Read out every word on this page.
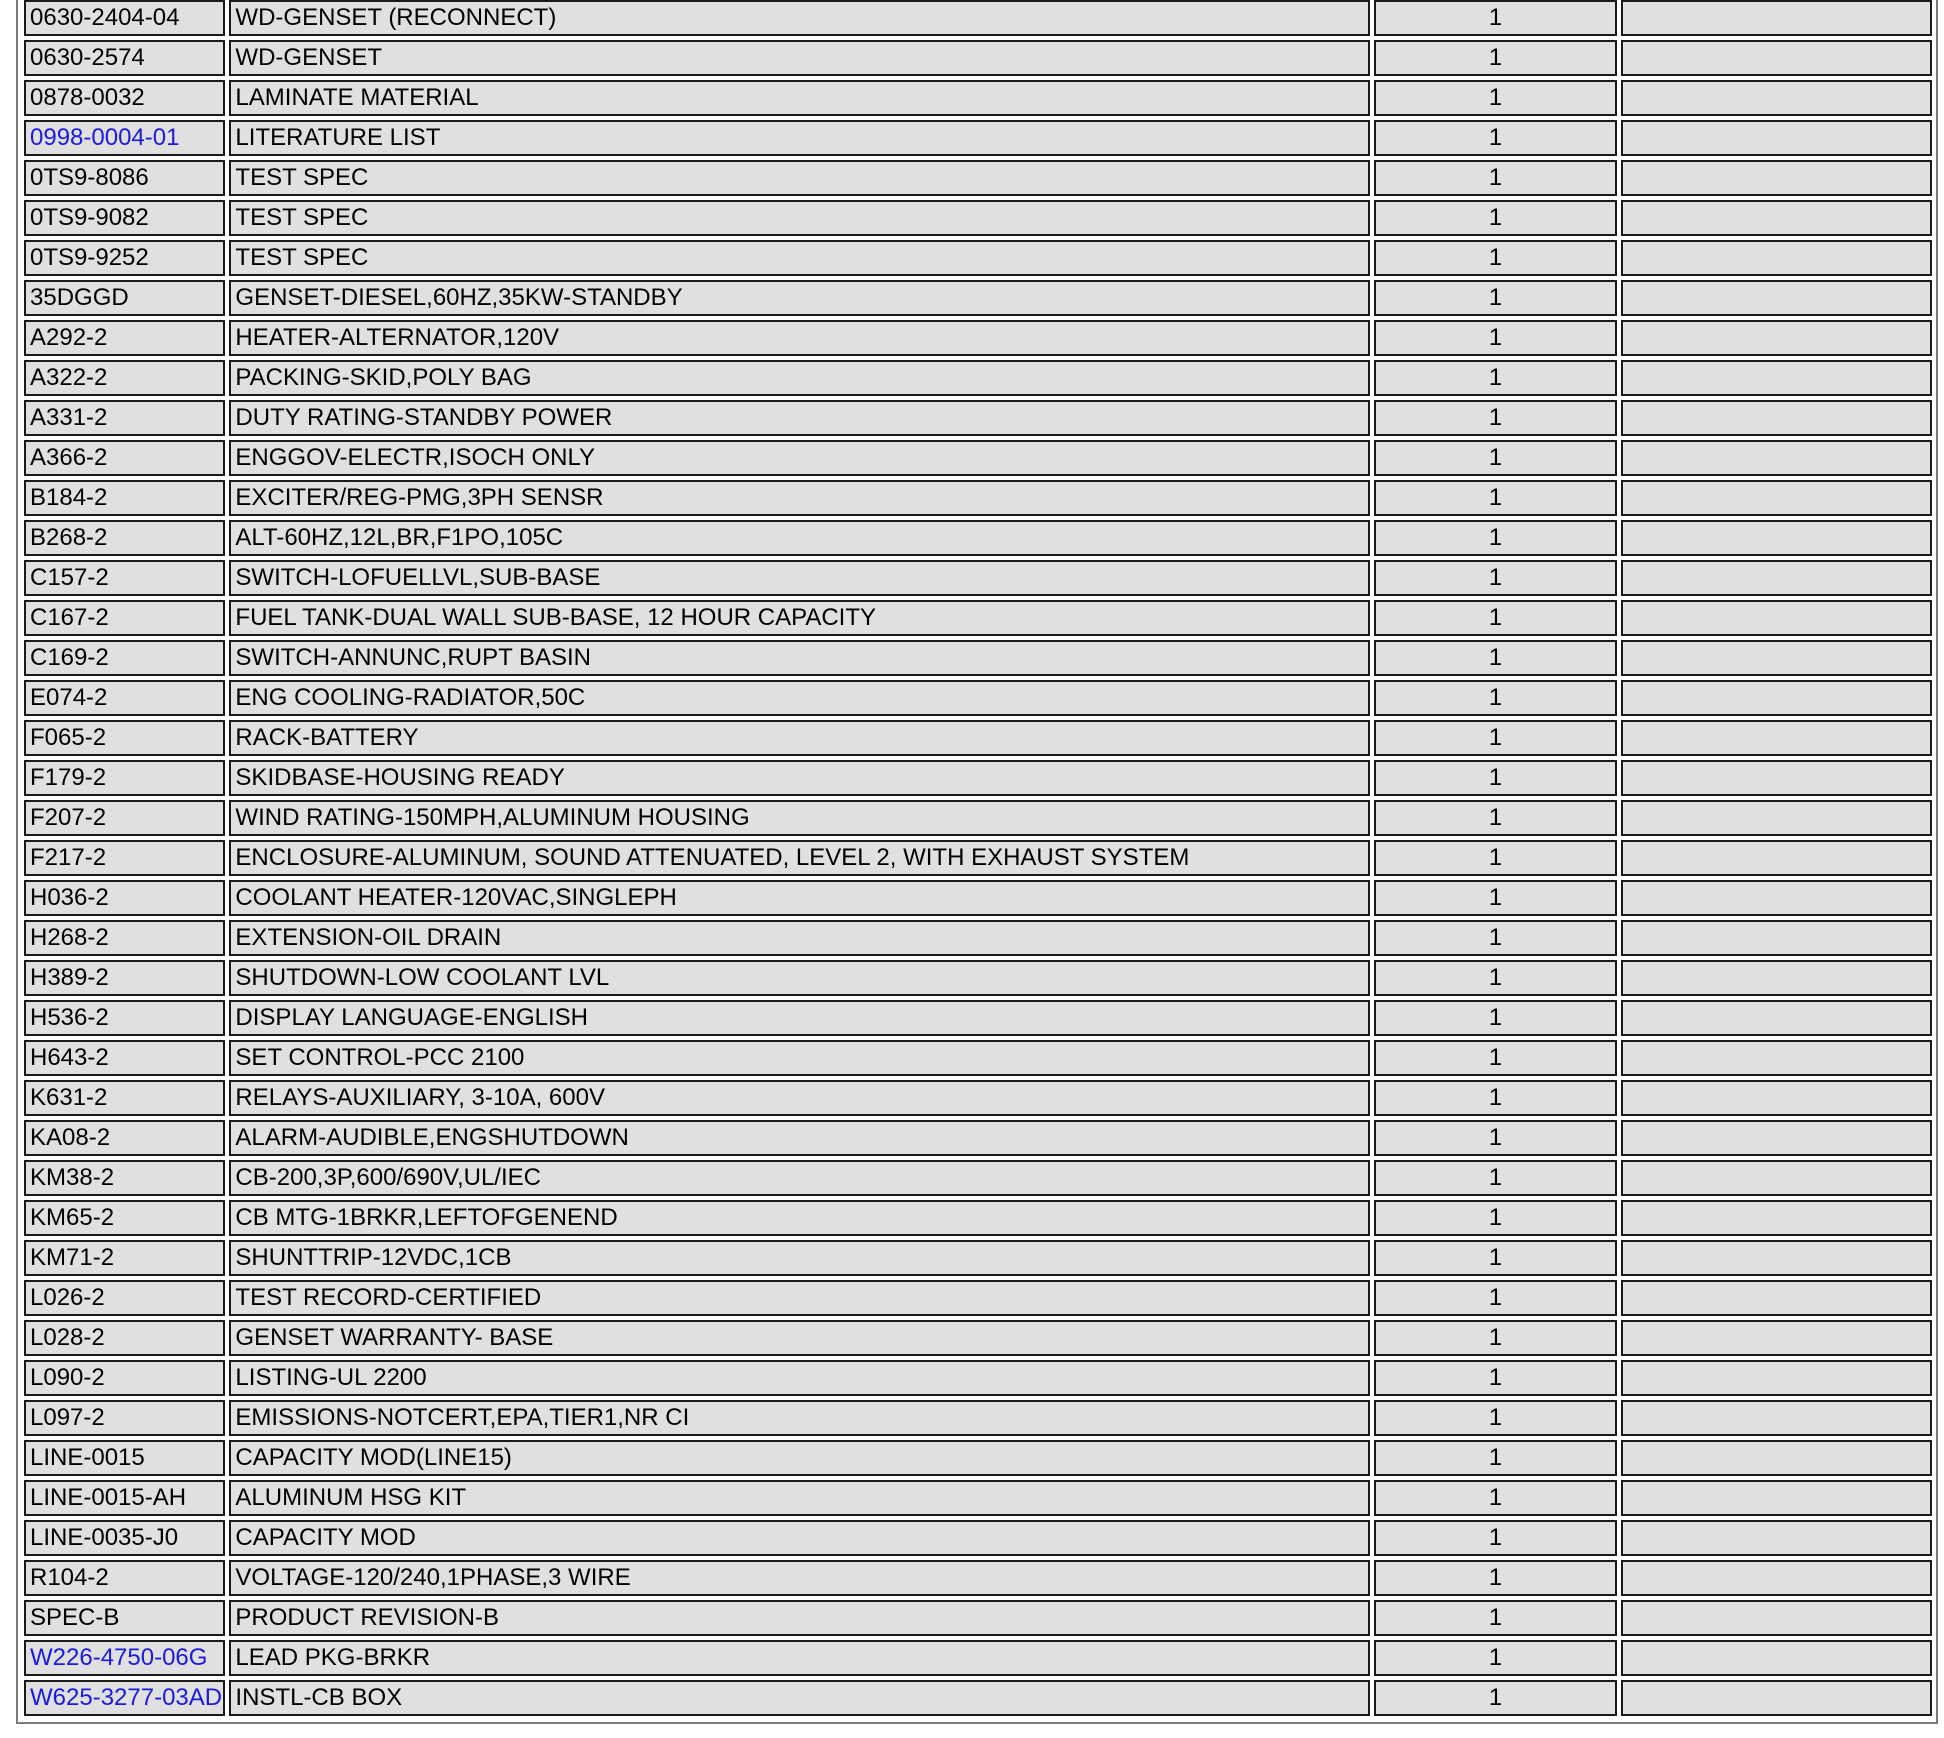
0630-2404-04	WD-GENSET (RECONNECT)	1	
0630-2574	WD-GENSET	1	
0878-0032	LAMINATE MATERIAL	1	
0998-0004-01	LITERATURE LIST	1	
0TS9-8086	TEST SPEC	1	
0TS9-9082	TEST SPEC	1	
0TS9-9252	TEST SPEC	1	
35DGGD	GENSET-DIESEL,60HZ,35KW-STANDBY	1	
A292-2	HEATER-ALTERNATOR,120V	1	
A322-2	PACKING-SKID,POLY BAG	1	
A331-2	DUTY RATING-STANDBY POWER	1	
A366-2	ENGGOV-ELECTR,ISOCH ONLY	1	
B184-2	EXCITER/REG-PMG,3PH SENSR	1	
B268-2	ALT-60HZ,12L,BR,F1PO,105C	1	
C157-2	SWITCH-LOFUELLVL,SUB-BASE	1	
C167-2	FUEL TANK-DUAL WALL SUB-BASE, 12 HOUR CAPACITY	1	
C169-2	SWITCH-ANNUNC,RUPT BASIN	1	
E074-2	ENG COOLING-RADIATOR,50C	1	
F065-2	RACK-BATTERY	1	
F179-2	SKIDBASE-HOUSING READY	1	
F207-2	WIND RATING-150MPH,ALUMINUM HOUSING	1	
F217-2	ENCLOSURE-ALUMINUM, SOUND ATTENUATED, LEVEL 2, WITH EXHAUST SYSTEM	1	
H036-2	COOLANT HEATER-120VAC,SINGLEPH	1	
H268-2	EXTENSION-OIL DRAIN	1	
H389-2	SHUTDOWN-LOW COOLANT LVL	1	
H536-2	DISPLAY LANGUAGE-ENGLISH	1	
H643-2	SET CONTROL-PCC 2100	1	
K631-2	RELAYS-AUXILIARY, 3-10A, 600V	1	
KA08-2	ALARM-AUDIBLE,ENGSHUTDOWN	1	
KM38-2	CB-200,3P,600/690V,UL/IEC	1	
KM65-2	CB MTG-1BRKR,LEFTOFGENEND	1	
KM71-2	SHUNTTRIP-12VDC,1CB	1	
L026-2	TEST RECORD-CERTIFIED	1	
L028-2	GENSET WARRANTY- BASE	1	
L090-2	LISTING-UL 2200	1	
L097-2	EMISSIONS-NOTCERT,EPA,TIER1,NR CI	1	
LINE-0015	CAPACITY MOD(LINE15)	1	
LINE-0015-AH	ALUMINUM HSG KIT	1	
LINE-0035-J0	CAPACITY MOD	1	
R104-2	VOLTAGE-120/240,1PHASE,3 WIRE	1	
SPEC-B	PRODUCT REVISION-B	1	
W226-4750-06G	LEAD PKG-BRKR	1	
W625-3277-03AD	INSTL-CB BOX	1	
